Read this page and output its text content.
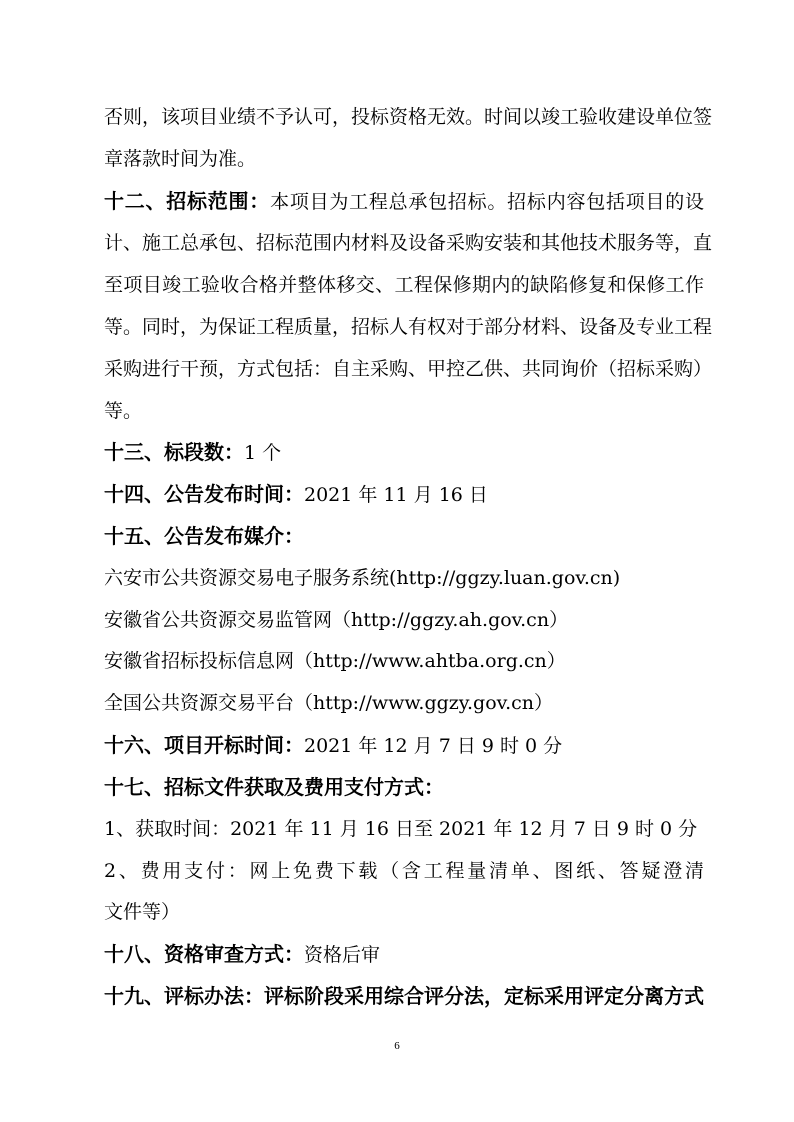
否则，该项目业绩不予认可，投标资格无效。时间以竣工验收建设单位签
章落款时间为准。
十二、招标范围：本项目为工程总承包招标。招标内容包括项目的设
计、施工总承包、招标范围内材料及设备采购安装和其他技术服务等，直
至项目竣工验收合格并整体移交、工程保修期内的缺陷修复和保修工作
等。同时，为保证工程质量，招标人有权对于部分材料、设备及专业工程
采购进行干预，方式包括：自主采购、甲控乙供、共同询价（招标采购）
等。
十三、标段数：1 个
十四、公告发布时间：2021 年 11 月 16 日
十五、公告发布媒介：
六安市公共资源交易电子服务系统(http://ggzy.luan.gov.cn)
安徽省公共资源交易监管网（http://ggzy.ah.gov.cn）
安徽省招标投标信息网（http://www.ahtba.org.cn）
全国公共资源交易平台（http://www.ggzy.gov.cn）
十六、项目开标时间：2021 年 12 月 7 日 9 时 0 分
十七、招标文件获取及费用支付方式：
1、获取时间：2021 年 11 月 16 日至 2021 年 12 月 7 日 9 时 0 分
2、费用支付：网上免费下载（含工程量清单、图纸、答疑澄清
文件等）
十八、资格审查方式：资格后审
十九、评标办法：评标阶段采用综合评分法，定标采用评定分离方式
6
